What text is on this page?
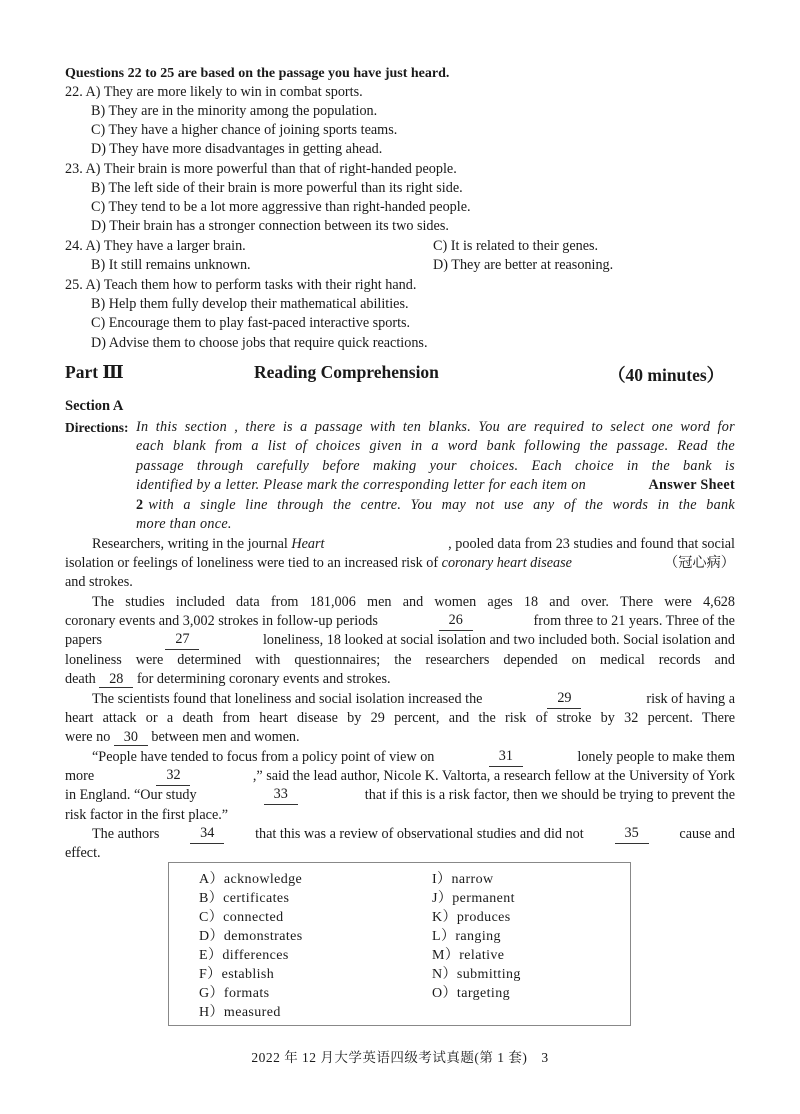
Questions 22 to 25 are based on the passage you have just heard.
22. A) They are more likely to win in combat sports.
B) They are in the minority among the population.
C) They have a higher chance of joining sports teams.
D) They have more disadvantages in getting ahead.
23. A) Their brain is more powerful than that of right-handed people.
B) The left side of their brain is more powerful than its right side.
C) They tend to be a lot more aggressive than right-handed people.
D) Their brain has a stronger connection between its two sides.
24. A) They have a larger brain.	C) It is related to their genes.
B) It still remains unknown.	D) They are better at reasoning.
25. A) Teach them how to perform tasks with their right hand.
B) Help them fully develop their mathematical abilities.
C) Encourage them to play fast-paced interactive sports.
D) Advise them to choose jobs that require quick reactions.
Part Ⅲ	Reading Comprehension	（40 minutes）
Section A
Directions: In this section , there is a passage with ten blanks. You are required to select one word for
each blank from a list of choices given in a word bank following the passage. Read the
passage through carefully before making your choices. Each choice in the bank is
identified by a letter. Please mark the corresponding letter for each item on	Answer Sheet
2 with a single line through the centre. You may not use any of the words in the bank
more than once.
Researchers, writing in the journal Heart	, pooled data from 23 studies and found that social
isolation or feelings of loneliness were tied to an increased risk of coronary heart disease	（冠心病）
and strokes.
The studies included data from 181,006 men and women ages 18 and over. There were 4,628
coronary events and 3,002 strokes in follow-up periods	26	from three to 21 years. Three of the
papers	27	loneliness, 18 looked at social isolation and two included both. Social isolation and
loneliness were determined with questionnaires; the researchers depended on medical records and
death 28 for determining coronary events and strokes.
The scientists found that loneliness and social isolation increased the	29	risk of having a
heart attack or a death from heart disease by 29 percent, and the risk of stroke by 32 percent. There
were no 30 between men and women.
“People have tended to focus from a policy point of view on	31	lonely people to make them
more	32	,” said the lead author, Nicole K. Valtorta, a research fellow at the University of York
in England. “Our study	33	that if this is a risk factor, then we should be trying to prevent the
risk factor in the first place.”
The authors	34	that this was a review of observational studies and did not	35	cause and
effect.
A）acknowledge
B）certificates
C）connected
D）demonstrates
E）differences
F）establish
G）formats
H）measured
I）narrow
J）permanent
K）produces
L）ranging
M）relative
N）submitting
O）targeting
2022 年 12 月大学英语四级考试真题(第 1 套)　3
